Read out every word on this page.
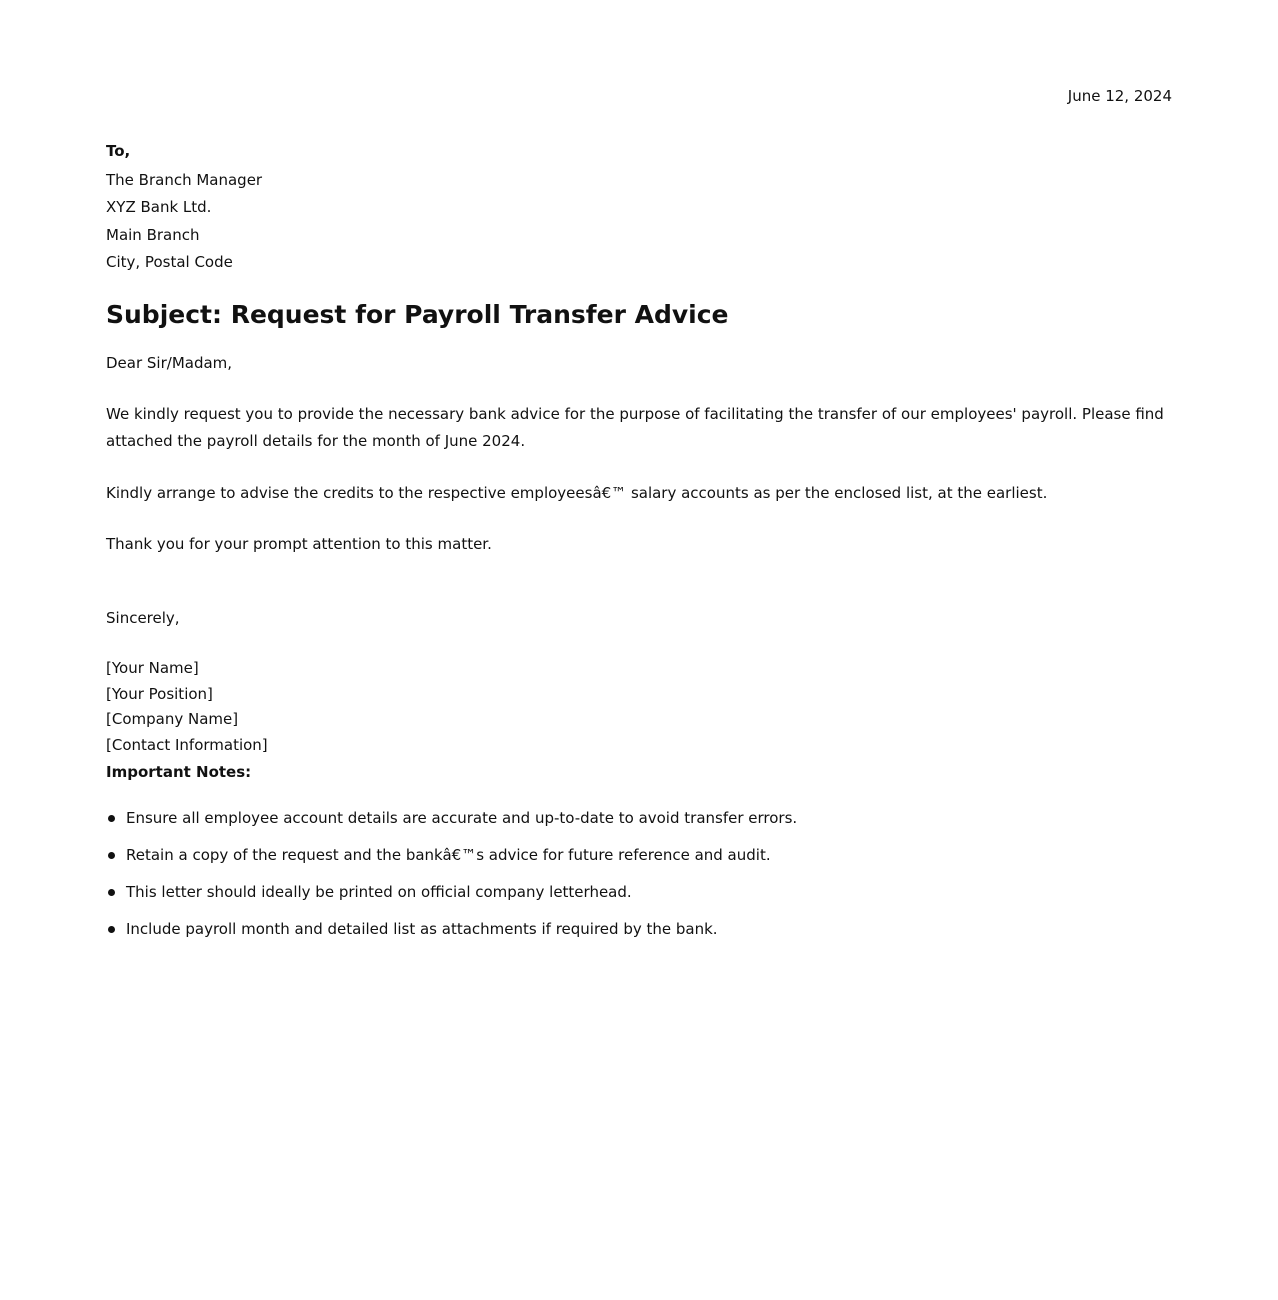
June 12, 2024
To,
The Branch Manager
XYZ Bank Ltd.
Main Branch
City, Postal Code
Subject: Request for Payroll Transfer Advice

Dear Sir/Madam,

We kindly request you to provide the necessary bank advice for the purpose of facilitating the transfer of our employees' payroll. Please find attached the payroll details for the month of June 2024.

Kindly arrange to advise the credits to the respective employeesâ€™ salary accounts as per the enclosed list, at the earliest.

Thank you for your prompt attention to this matter.

Sincerely,

[Your Name]
[Your Position]
[Company Name]
[Contact Information]
Important Notes:
Ensure all employee account details are accurate and up-to-date to avoid transfer errors.
Retain a copy of the request and the bankâ€™s advice for future reference and audit.
This letter should ideally be printed on official company letterhead.
Include payroll month and detailed list as attachments if required by the bank.
